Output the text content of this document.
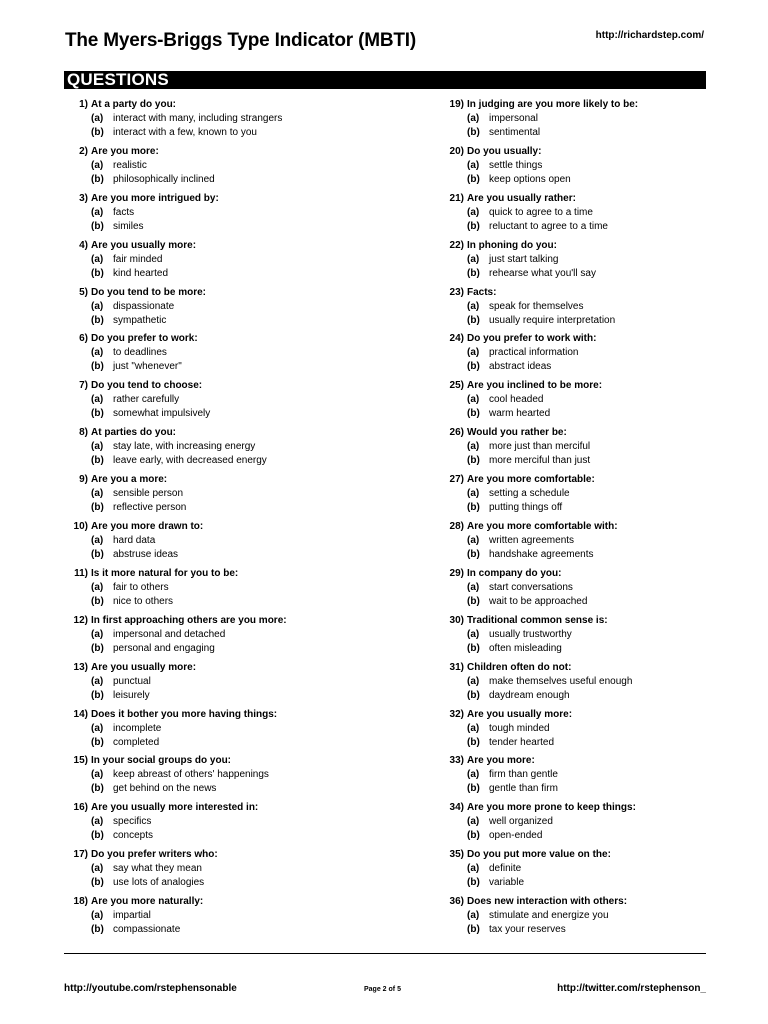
The Myers-Briggs Type Indicator (MBTI)	http://richardstep.com/
QUESTIONS
1) At a party do you:
(a) interact with many, including strangers
(b) interact with a few, known to you
2) Are you more:
(a) realistic
(b) philosophically inclined
3) Are you more intrigued by:
(a) facts
(b) similes
4) Are you usually more:
(a) fair minded
(b) kind hearted
5) Do you tend to be more:
(a) dispassionate
(b) sympathetic
6) Do you prefer to work:
(a) to deadlines
(b) just "whenever"
7) Do you tend to choose:
(a) rather carefully
(b) somewhat impulsively
8) At parties do you:
(a) stay late, with increasing energy
(b) leave early, with decreased energy
9) Are you a more:
(a) sensible person
(b) reflective person
10) Are you more drawn to:
(a) hard data
(b) abstruse ideas
11) Is it more natural for you to be:
(a) fair to others
(b) nice to others
12) In first approaching others are you more:
(a) impersonal and detached
(b) personal and engaging
13) Are you usually more:
(a) punctual
(b) leisurely
14) Does it bother you more having things:
(a) incomplete
(b) completed
15) In your social groups do you:
(a) keep abreast of others' happenings
(b) get behind on the news
16) Are you usually more interested in:
(a) specifics
(b) concepts
17) Do you prefer writers who:
(a) say what they mean
(b) use lots of analogies
18) Are you more naturally:
(a) impartial
(b) compassionate
19) In judging are you more likely to be:
(a) impersonal
(b) sentimental
20) Do you usually:
(a) settle things
(b) keep options open
21) Are you usually rather:
(a) quick to agree to a time
(b) reluctant to agree to a time
22) In phoning do you:
(a) just start talking
(b) rehearse what you'll say
23) Facts:
(a) speak for themselves
(b) usually require interpretation
24) Do you prefer to work with:
(a) practical information
(b) abstract ideas
25) Are you inclined to be more:
(a) cool headed
(b) warm hearted
26) Would you rather be:
(a) more just than merciful
(b) more merciful than just
27) Are you more comfortable:
(a) setting a schedule
(b) putting things off
28) Are you more comfortable with:
(a) written agreements
(b) handshake agreements
29) In company do you:
(a) start conversations
(b) wait to be approached
30) Traditional common sense is:
(a) usually trustworthy
(b) often misleading
31) Children often do not:
(a) make themselves useful enough
(b) daydream enough
32) Are you usually more:
(a) tough minded
(b) tender hearted
33) Are you more:
(a) firm than gentle
(b) gentle than firm
34) Are you more prone to keep things:
(a) well organized
(b) open-ended
35) Do you put more value on the:
(a) definite
(b) variable
36) Does new interaction with others:
(a) stimulate and energize you
(b) tax your reserves
http://youtube.com/rstephensonable	Page 2 of 5	http://twitter.com/rstephenson_
